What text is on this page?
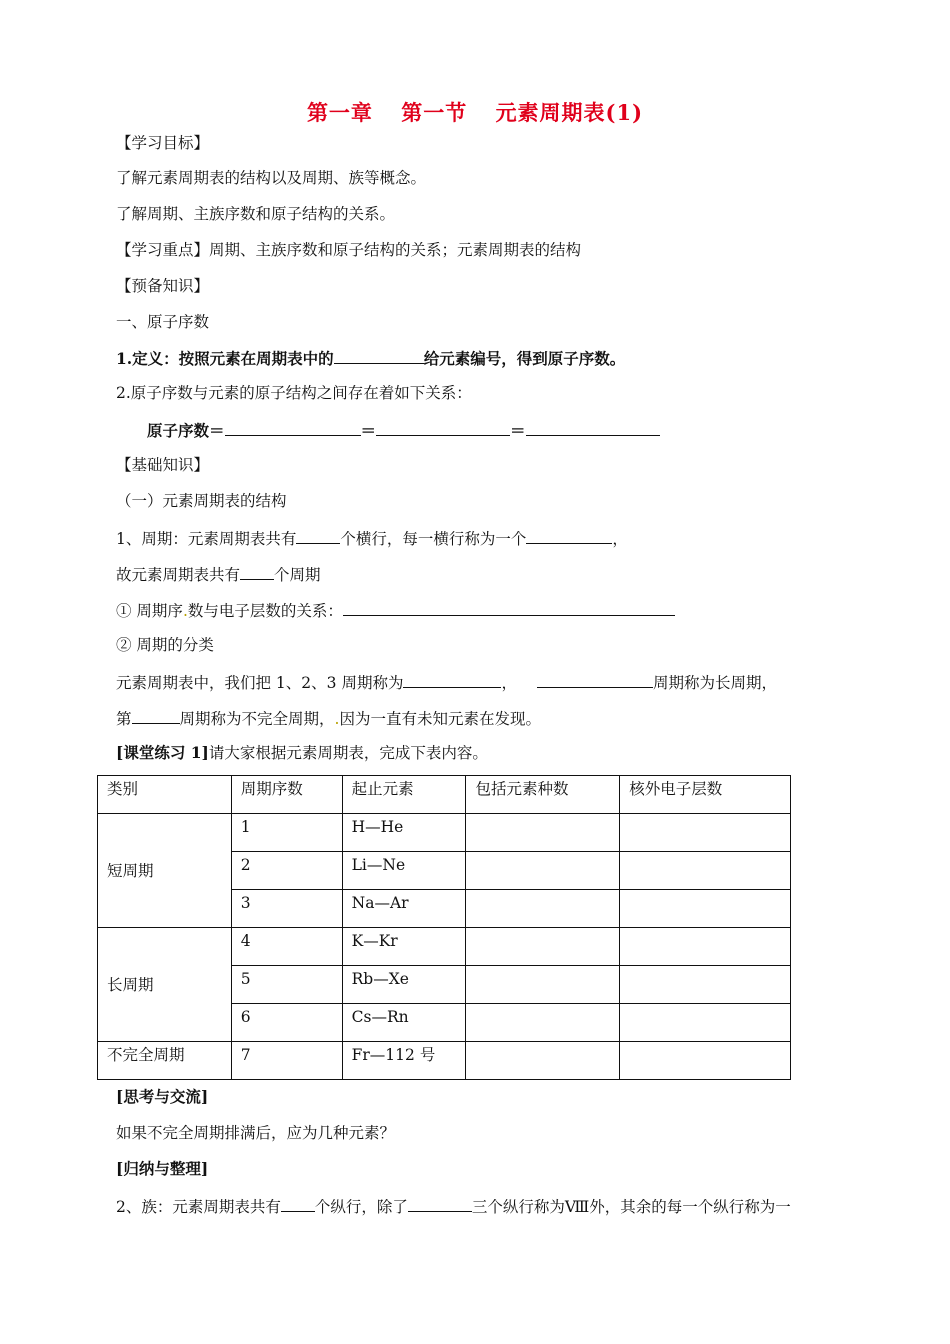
第一章 第一节 元素周期表(1)
【学习目标】
了解元素周期表的结构以及周期、族等概念。
了解周期、主族序数和原子结构的关系。
【学习重点】周期、主族序数和原子结构的关系；元素周期表的结构
【预备知识】
一、原子序数
1.定义：按照元素在周期表中的	给元素编号，得到原子序数。
2.原子序数与元素的原子结构之间存在着如下关系：
原子序数＝	＝	＝
【基础知识】
（一）元素周期表的结构
1、周期：元素周期表共有	个横行，每一横行称为一个	，
故元素周期表共有 个周期
① 周期序.数与电子层数的关系：
② 周期的分类
元素周期表中，我们把 1、2、3 周期称为	，	周期称为长周期，
第	周期称为不完全周期，.因为一直有未知元素在发现。
[课堂练习 1]请大家根据元素周期表，完成下表内容。
类别	周期序数	起止元素	包括元素种数	核外电子层数
短周期	1	H—He		
	2	Li—Ne		
	3	Na—Ar		
长周期	4	K—Kr		
	5	Rb—Xe		
	6	Cs—Rn		
不完全周期	7	Fr—112 号		
[思考与交流]
如果不完全周期排满后，应为几种元素？
[归纳与整理]
2、族：元素周期表共有 个纵行，除了	三个纵行称为Ⅷ外，其余的每一个纵行称为一
